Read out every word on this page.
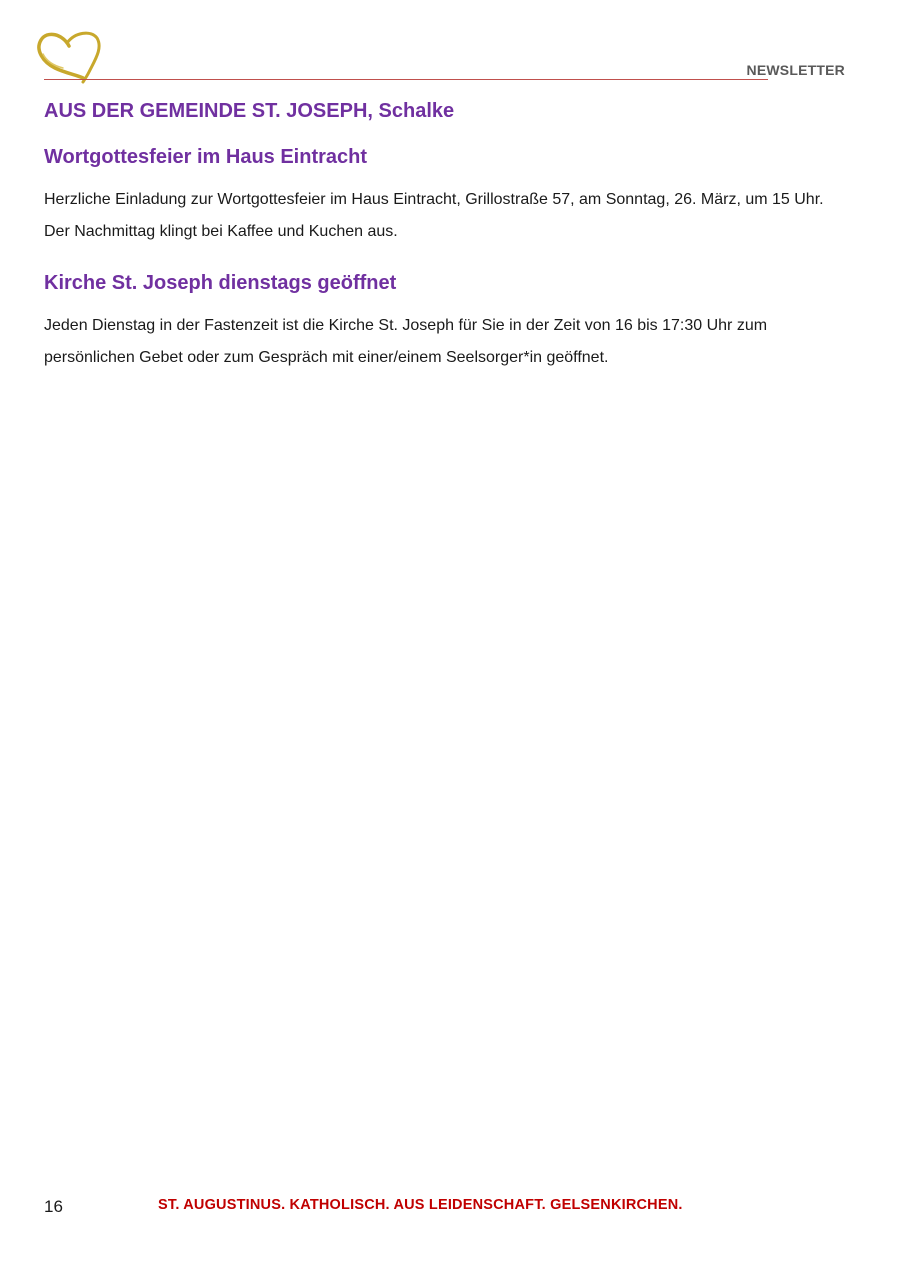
NEWSLETTER
AUS DER GEMEINDE ST. JOSEPH, Schalke
Wortgottesfeier im Haus Eintracht

Herzliche Einladung zur Wortgottesfeier im Haus Eintracht, Grillostraße 57, am Sonntag, 26. März, um 15 Uhr. Der Nachmittag klingt bei Kaffee und Kuchen aus.

Kirche St. Joseph dienstags geöffnet

Jeden Dienstag in der Fastenzeit ist die Kirche St. Joseph für Sie in der Zeit von 16 bis 17:30 Uhr zum persönlichen Gebet oder zum Gespräch mit einer/einem Seelsorger*in geöffnet.

16	ST. AUGUSTINUS. KATHOLISCH. AUS LEIDENSCHAFT. GELSENKIRCHEN.
